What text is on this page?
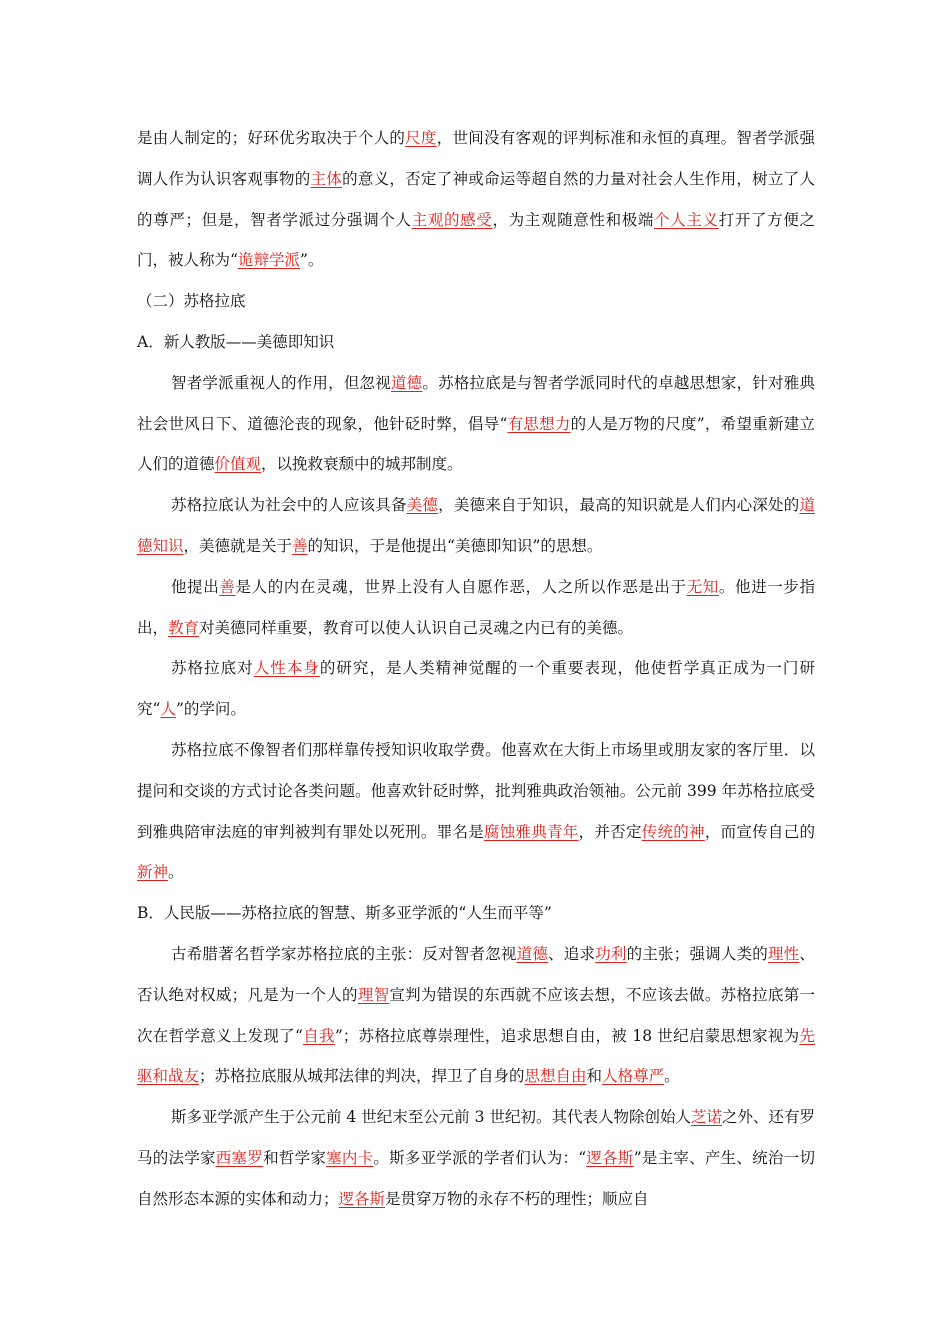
是由人制定的；好环优劣取决于个人的尺度，世间没有客观的评判标准和永恒的真理。智者学派强调人作为认识客观事物的主体的意义，否定了神或命运等超自然的力量对社会人生作用，树立了人的尊严；但是，智者学派过分强调个人主观的感受，为主观随意性和极端个人主义打开了方便之门，被人称为“诡辩学派”。

（二）苏格拉底

A．新人教版——美德即知识

智者学派重视人的作用，但忽视道德。苏格拉底是与智者学派同时代的卓越思想家，针对雅典社会世风日下、道德沦丧的现象，他针砭时弊，倡导“有思想力的人是万物的尺度”，希望重新建立人们的道德价值观，以挽救衰颓中的城邦制度。

苏格拉底认为社会中的人应该具备美德，美德来自于知识，最高的知识就是人们内心深处的道德知识，美德就是关于善的知识，于是他提出“美德即知识”的思想。

他提出善是人的内在灵魂，世界上没有人自愿作恶，人之所以作恶是出于无知。他进一步指出，教育对美德同样重要，教育可以使人认识自己灵魂之内已有的美德。

苏格拉底对人性本身的研究，是人类精神觉醒的一个重要表现，他使哲学真正成为一门研究“人”的学问。

苏格拉底不像智者们那样靠传授知识收取学费。他喜欢在大街上市场里或朋友家的客厅里．以提问和交谈的方式讨论各类问题。他喜欢针砭时弊，批判雅典政治领袖。公元前 399 年苏格拉底受到雅典陪审法庭的审判被判有罪处以死刑。罪名是腐蚀雅典青年，并否定传统的神，而宣传自己的新神。

B．人民版——苏格拉底的智慧、斯多亚学派的“人生而平等”

古希腊著名哲学家苏格拉底的主张：反对智者忽视道德、追求功利的主张；强调人类的理性、否认绝对权威；凡是为一个人的理智宣判为错误的东西就不应该去想，不应该去做。苏格拉底第一次在哲学意义上发现了“自我”；苏格拉底尊崇理性，追求思想自由，被 18 世纪启蒙思想家视为先驱和战友；苏格拉底服从城邦法律的判决，捍卫了自身的思想自由和人格尊严。

斯多亚学派产生于公元前 4 世纪末至公元前 3 世纪初。其代表人物除创始人芝诺之外、还有罗马的法学家西塞罗和哲学家塞内卡。斯多亚学派的学者们认为：“逻各斯”是主宰、产生、统治一切自然形态本源的实体和动力；逻各斯是贯穿万物的永存不朽的理性；顺应自
